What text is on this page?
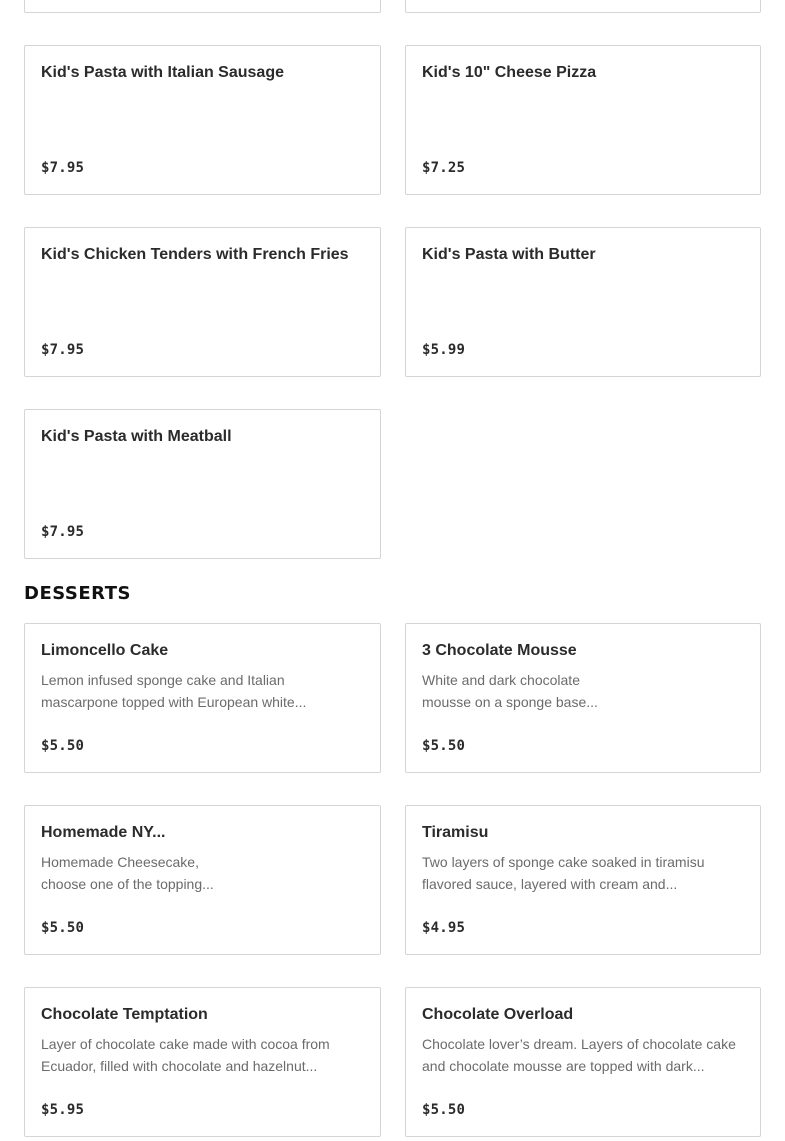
Kid's Pasta with Italian Sausage
$7.95
Kid's 10" Cheese Pizza
$7.25
Kid's Chicken Tenders with French Fries
$7.95
Kid's Pasta with Butter
$5.99
Kid's Pasta with Meatball
$7.95
DESSERTS
Limoncello Cake
Lemon infused sponge cake and Italian
mascarpone topped with European white...
$5.50
3 Chocolate Mousse
White and dark chocolate
mousse on a sponge base...
$5.50
Homemade NY...
Homemade Cheesecake,
choose one of the topping...
$5.50
Tiramisu
Two layers of sponge cake soaked in tiramisu
flavored sauce, layered with cream and...
$4.95
Chocolate Temptation
Layer of chocolate cake made with cocoa from
Ecuador, filled with chocolate and hazelnut...
$5.95
Chocolate Overload
Chocolate lover’s dream. Layers of chocolate cake
and chocolate mousse are topped with dark...
$5.50
